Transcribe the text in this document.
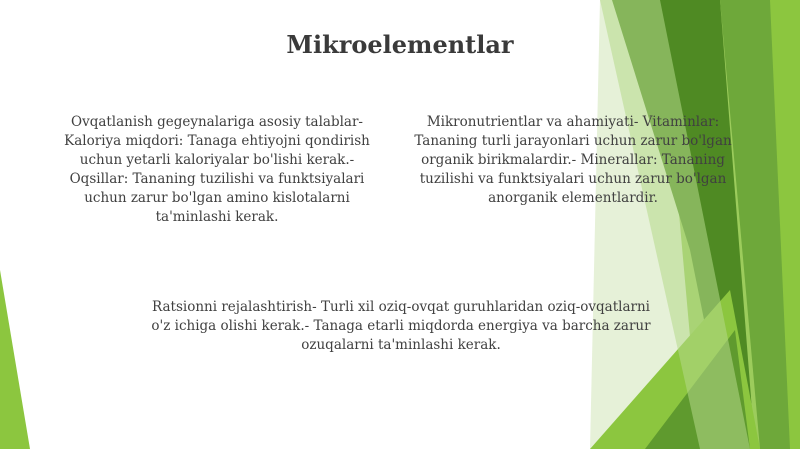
Mikroelementlar
Ovqatlanish gegeynalariga asosiy talablar- Kaloriya miqdori: Tanaga ehtiyojni qondirish uchun yetarli kaloriyalar bo'lishi kerak.- Oqsillar: Tananing tuzilishi va funktsiyalari uchun zarur bo'lgan amino kislotalarni ta'minlashi kerak.
Mikronutrientlar va ahamiyati- Vitaminlar: Tananing turli jarayonlari uchun zarur bo'lgan organik birikmalardir.- Minerallar: Tananing tuzilishi va funktsiyalari uchun zarur bo'lgan anorganik elementlardir.
Ratsionni rejalashtirish- Turli xil oziq-ovqat guruhlaridan oziq-ovqatlarni o'z ichiga olishi kerak.- Tanaga etarli miqdorda energiya va barcha zarur ozuqalarni ta'minlashi kerak.
